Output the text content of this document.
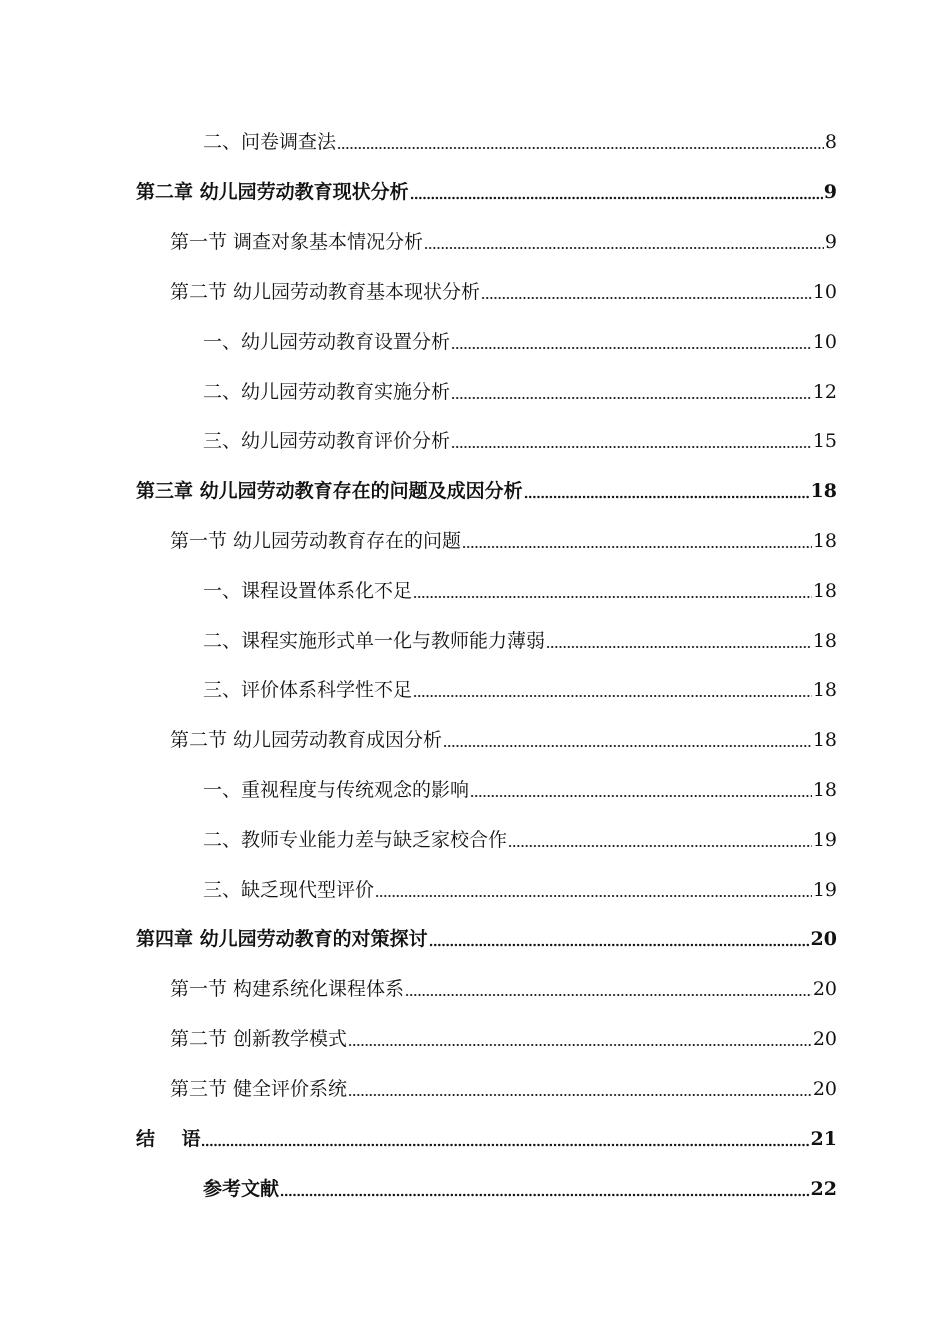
二、问卷调查法	8
第二章 幼儿园劳动教育现状分析	9
第一节 调查对象基本情况分析	9
第二节 幼儿园劳动教育基本现状分析	10
一、幼儿园劳动教育设置分析	10
二、幼儿园劳动教育实施分析	12
三、幼儿园劳动教育评价分析	15
第三章 幼儿园劳动教育存在的问题及成因分析	18
第一节 幼儿园劳动教育存在的问题	18
一、课程设置体系化不足	18
二、课程实施形式单一化与教师能力薄弱	18
三、评价体系科学性不足	18
第二节 幼儿园劳动教育成因分析	18
一、重视程度与传统观念的影响	18
二、教师专业能力差与缺乏家校合作	19
三、缺乏现代型评价	19
第四章 幼儿园劳动教育的对策探讨	20
第一节 构建系统化课程体系	20
第二节 创新教学模式	20
第三节 健全评价系统	20
结    语	21
参考文献	22
